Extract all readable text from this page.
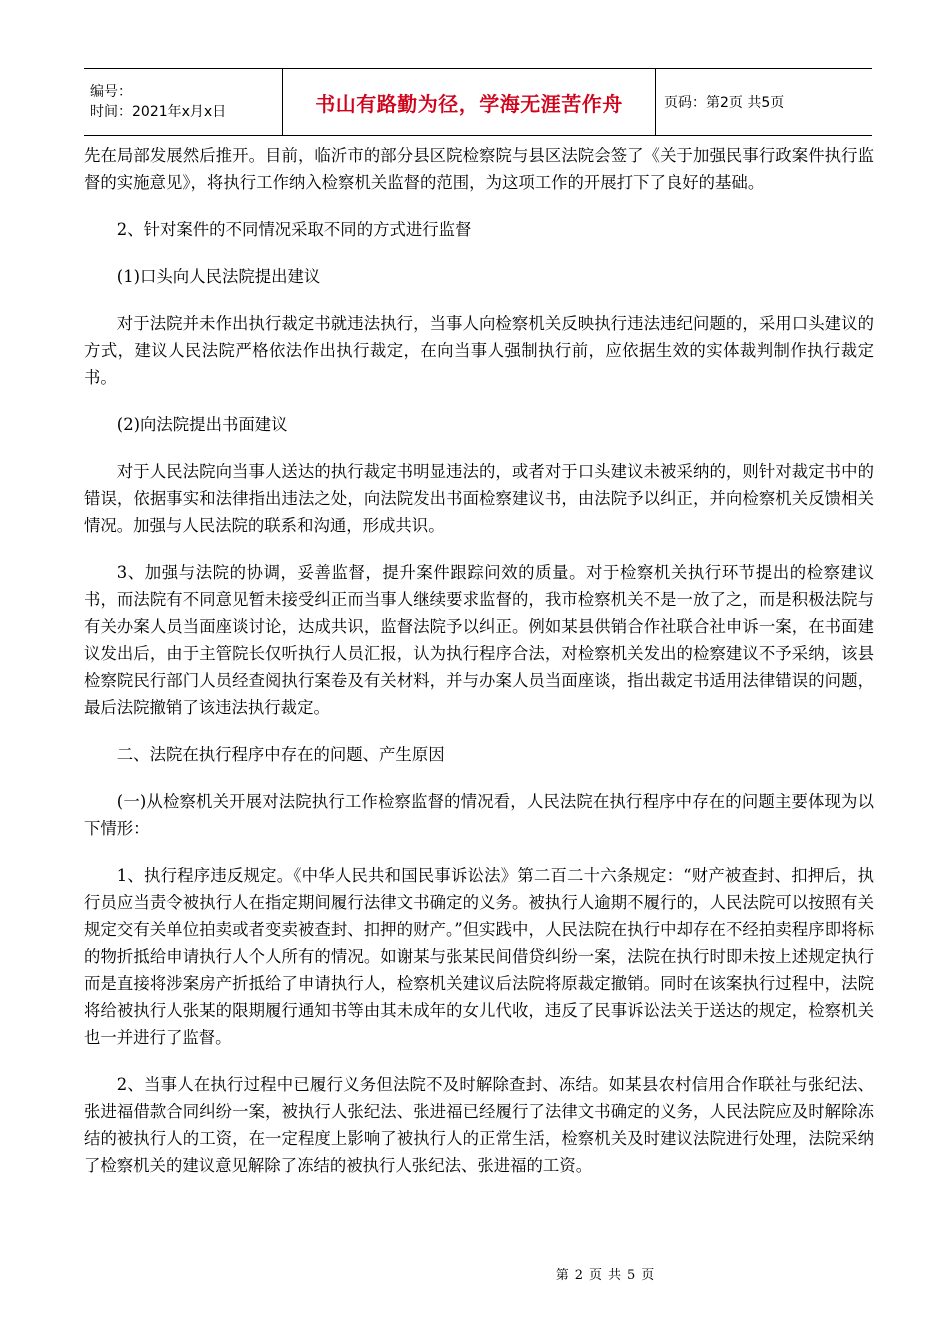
编号：
时间：2021年x月x日	书山有路勤为径，学海无涯苦作舟	页码：第2页 共5页

先在局部发展然后推开。目前，临沂市的部分县区院检察院与县区法院会签了《关于加强民事行政案件执行监督的实施意见》，将执行工作纳入检察机关监督的范围，为这项工作的开展打下了良好的基础。

2、针对案件的不同情况采取不同的方式进行监督

(1)口头向人民法院提出建议

对于法院并未作出执行裁定书就违法执行，当事人向检察机关反映执行违法违纪问题的，采用口头建议的方式，建议人民法院严格依法作出执行裁定，在向当事人强制执行前，应依据生效的实体裁判制作执行裁定书。

(2)向法院提出书面建议

对于人民法院向当事人送达的执行裁定书明显违法的，或者对于口头建议未被采纳的，则针对裁定书中的错误，依据事实和法律指出违法之处，向法院发出书面检察建议书，由法院予以纠正，并向检察机关反馈相关情况。加强与人民法院的联系和沟通，形成共识。

3、加强与法院的协调，妥善监督，提升案件跟踪问效的质量。对于检察机关执行环节提出的检察建议书，而法院有不同意见暂未接受纠正而当事人继续要求监督的，我市检察机关不是一放了之，而是积极法院与有关办案人员当面座谈讨论，达成共识，监督法院予以纠正。例如某县供销合作社联合社申诉一案，在书面建议发出后，由于主管院长仅听执行人员汇报，认为执行程序合法，对检察机关发出的检察建议不予采纳，该县检察院民行部门人员经查阅执行案卷及有关材料，并与办案人员当面座谈，指出裁定书适用法律错误的问题，最后法院撤销了该违法执行裁定。

二、法院在执行程序中存在的问题、产生原因

(一)从检察机关开展对法院执行工作检察监督的情况看，人民法院在执行程序中存在的问题主要体现为以下情形：

1、执行程序违反规定。《中华人民共和国民事诉讼法》第二百二十六条规定：“财产被查封、扣押后，执行员应当责令被执行人在指定期间履行法律文书确定的义务。被执行人逾期不履行的，人民法院可以按照有关规定交有关单位拍卖或者变卖被查封、扣押的财产。”但实践中，人民法院在执行中却存在不经拍卖程序即将标的物折抵给申请执行人个人所有的情况。如谢某与张某民间借贷纠纷一案，法院在执行时即未按上述规定执行而是直接将涉案房产折抵给了申请执行人，检察机关建议后法院将原裁定撤销。同时在该案执行过程中，法院将给被执行人张某的限期履行通知书等由其未成年的女儿代收，违反了民事诉讼法关于送达的规定，检察机关也一并进行了监督。

2、当事人在执行过程中已履行义务但法院不及时解除查封、冻结。如某县农村信用合作联社与张纪法、张进福借款合同纠纷一案，被执行人张纪法、张进福已经履行了法律文书确定的义务，人民法院应及时解除冻结的被执行人的工资，在一定程度上影响了被执行人的正常生活，检察机关及时建议法院进行处理，法院采纳了检察机关的建议意见解除了冻结的被执行人张纪法、张进福的工资。

第 2 页 共 5 页
